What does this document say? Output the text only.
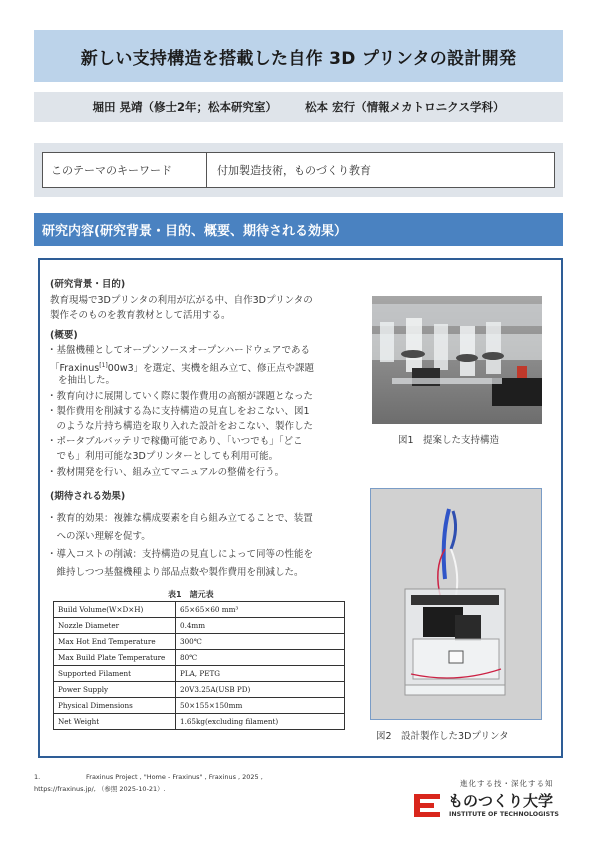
新しい支持構造を搭載した自作 3D プリンタの設計開発
堀田 晃靖（修士2年；松本研究室） 松本 宏行（情報メカトロニクス学科）
このテーマのキーワード	付加製造技術，ものづくり教育
研究内容(研究背景・目的、概要、期待される効果）
(研究背景・目的)
教育現場で3Dプリンタの利用が広がる中、自作3Dプリンタの
製作そのものを教育教材として活用する。
(概要)
・基盤機種としてオープンソースオープンハードウェアである
「Fraxinus[1]00w3」を選定、実機を組み立て、修正点や課題
を抽出した。
・教育向けに展開していく際に製作費用の高額が課題となった
・製作費用を削減する為に支持構造の見直しをおこない、図1
　のような片持ち構造を取り入れた設計をおこない、製作した
・ポータブルバッテリで稼働可能であり、「いつでも」「どこ
　でも」利用可能な3Dプリンターとしても利用可能。
・教材開発を行い、組み立てマニュアルの整備を行う。
(期待される効果)
・教育的効果：複雑な構成要素を自ら組み立てることで、装置
　への深い理解を促す。
・導入コストの削減：支持構造の見直しによって同等の性能を
　維持しつつ基盤機種より部品点数や製作費用を削減した。
図1　提案した支持構造
図2　設計製作した3Dプリンタ
表1　諸元表
Build Volume(W×D×H)	65×65×60 mm³
Nozzle Diameter	0.4mm
Max Hot End Temperature	300℃
Max Build Plate Temperature	80℃
Supported Filament	PLA, PETG
Power Supply	20V3.25A(USB PD)
Physical Dimensions	50×155×150mm
Net Weight	1.65kg(excluding filament)
1.	Fraxinus Project , "Home - Fraxinus" , Fraxinus , 2025 ,
https://fraxinus.jp/, （参照 2025-10-21）.
進化する技・深化する知
ものつくり大学
INSTITUTE OF TECHNOLOGISTS
